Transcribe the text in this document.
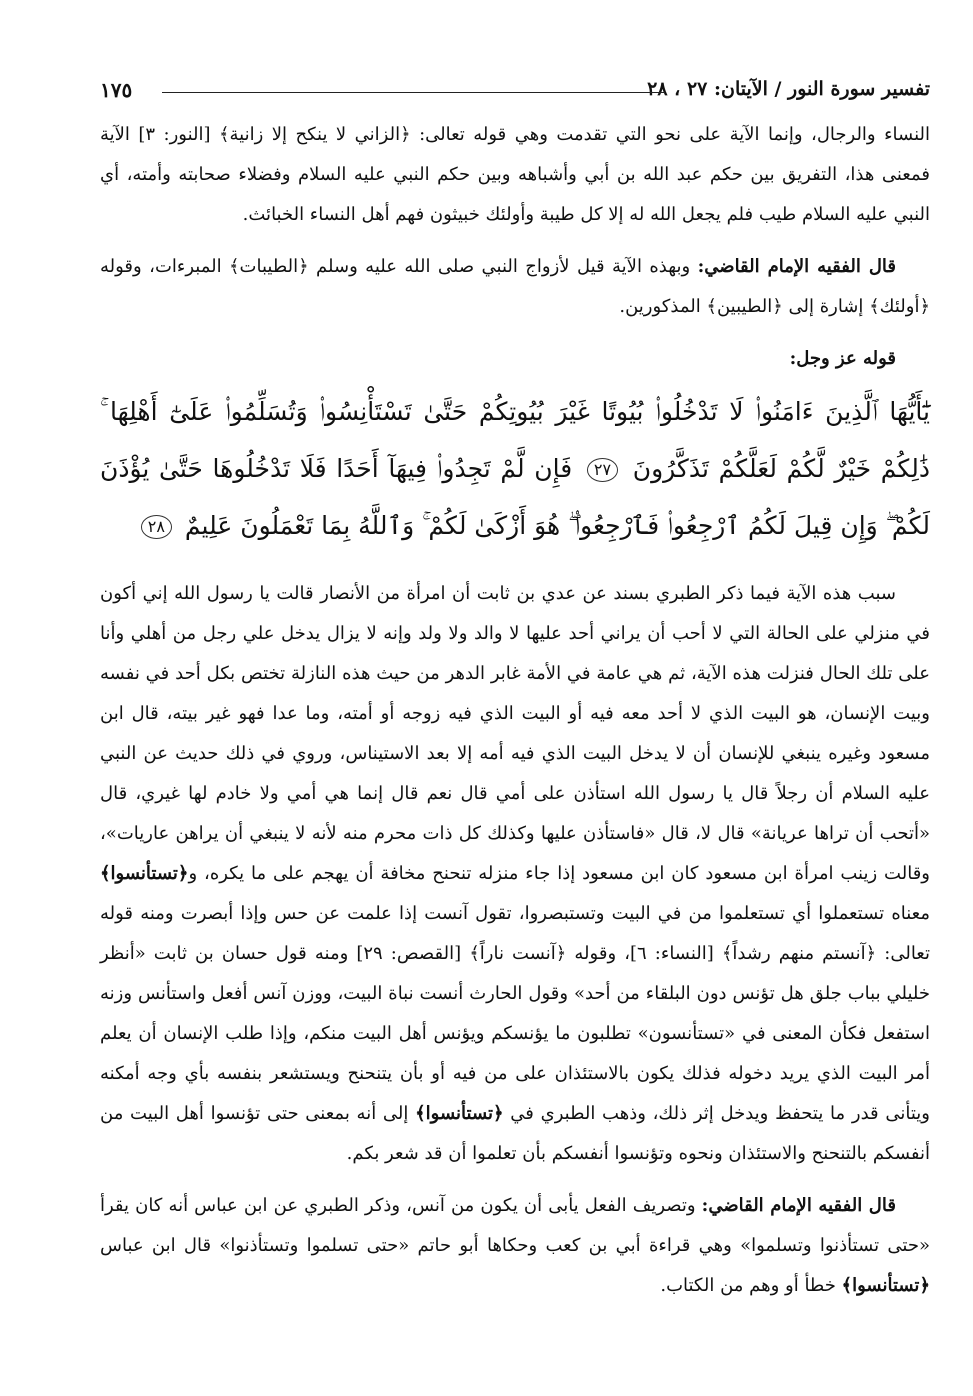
تفسير سورة النور / الآيتان: ٢٧ ، ٢٨
١٧٥

النساء والرجال، وإنما الآية على نحو التي تقدمت وهي قوله تعالى: ﴿الزاني لا ينكح إلا زانية﴾ [النور: ٣] الآية فمعنى هذا، التفريق بين حكم عبد الله بن أبي وأشباهه وبين حكم النبي عليه السلام وفضلاء صحابته وأمته، أي النبي عليه السلام طيب فلم يجعل الله له إلا كل طيبة وأولئك خبيثون فهم أهل النساء الخبائث.

قال الفقيه الإمام القاضي: وبهذه الآية قيل لأزواج النبي صلى الله عليه وسلم ﴿الطيبات﴾ المبرءات، وقوله ﴿أولئك﴾ إشارة إلى ﴿الطيبين﴾ المذكورين.

قوله عز وجل:

يَٰٓأَيُّهَا ٱلَّذِينَ ءَامَنُوا۟ لَا تَدْخُلُوا۟ بُيُوتًا غَيْرَ بُيُوتِكُمْ حَتَّىٰ تَسْتَأْنِسُوا۟ وَتُسَلِّمُوا۟ عَلَىٰٓ أَهْلِهَا ۚ ذَٰلِكُمْ خَيْرٌ لَّكُمْ لَعَلَّكُمْ تَذَكَّرُونَ ٢٧ فَإِن لَّمْ تَجِدُوا۟ فِيهَآ أَحَدًا فَلَا تَدْخُلُوهَا حَتَّىٰ يُؤْذَنَ لَكُمْ ۖ وَإِن قِيلَ لَكُمُ ٱرْجِعُوا۟ فَٱرْجِعُوا۟ ۖ هُوَ أَزْكَىٰ لَكُمْ ۚ وَٱللَّهُ بِمَا تَعْمَلُونَ عَلِيمٌ ٢٨

سبب هذه الآية فيما ذكر الطبري بسند عن عدي بن ثابت أن امرأة من الأنصار قالت يا رسول الله إني أكون في منزلي على الحالة التي لا أحب أن يراني أحد عليها لا والد ولا ولد وإنه لا يزال يدخل علي رجل من أهلي وأنا على تلك الحال فنزلت هذه الآية، ثم هي عامة في الأمة غابر الدهر من حيث هذه النازلة تختص بكل أحد في نفسه وبيت الإنسان، هو البيت الذي لا أحد معه فيه أو البيت الذي فيه زوجه أو أمته، وما عدا فهو غير بيته، قال ابن مسعود وغيره ينبغي للإنسان أن لا يدخل البيت الذي فيه أمه إلا بعد الاستيناس، وروي في ذلك حديث عن النبي عليه السلام أن رجلاً قال يا رسول الله استأذن على أمي قال نعم قال إنما هي أمي ولا خادم لها غيري، قال «أتحب أن تراها عريانة» قال لا، قال «فاستأذن عليها وكذلك كل ذات محرم منه لأنه لا ينبغي أن يراهن عاريات»، وقالت زينب امرأة ابن مسعود كان ابن مسعود إذا جاء منزله تنحنح مخافة أن يهجم على ما يكره، و﴿تستأنسوا﴾ معناه تستعملوا أي تستعلموا من في البيت وتستبصروا، تقول آنست إذا علمت عن حس وإذا أبصرت ومنه قوله تعالى: ﴿آنستم منهم رشداً﴾ [النساء: ٦]، وقوله ﴿آنست ناراً﴾ [القصص: ٢٩] ومنه قول حسان بن ثابت «أنظر خليلي بباب جلق هل تؤنس دون البلقاء من أحد» وقول الحارث أنست نباة البيت، ووزن آنس أفعل واستأنس وزنه استفعل فكأن المعنى في «تستأنسون» تطلبون ما يؤنسكم ويؤنس أهل البيت منكم، وإذا طلب الإنسان أن يعلم أمر البيت الذي يريد دخوله فذلك يكون بالاستئذان على من فيه أو بأن يتنحنح ويستشعر بنفسه بأي وجه أمكنه ويتأنى قدر ما يتحفظ ويدخل إثر ذلك، وذهب الطبري في ﴿تستأنسوا﴾ إلى أنه بمعنى حتى تؤنسوا أهل البيت من أنفسكم بالتنحنح والاستئذان ونحوه وتؤنسوا أنفسكم بأن تعلموا أن قد شعر بكم.

قال الفقيه الإمام القاضي: وتصريف الفعل يأبى أن يكون من آنس، وذكر الطبري عن ابن عباس أنه كان يقرأ «حتى تستأذنوا وتسلموا» وهي قراءة أبي بن كعب وحكاها أبو حاتم «حتى تسلموا وتستأذنوا» قال ابن عباس ﴿تستأنسوا﴾ خطأ أو وهم من الكتاب.
